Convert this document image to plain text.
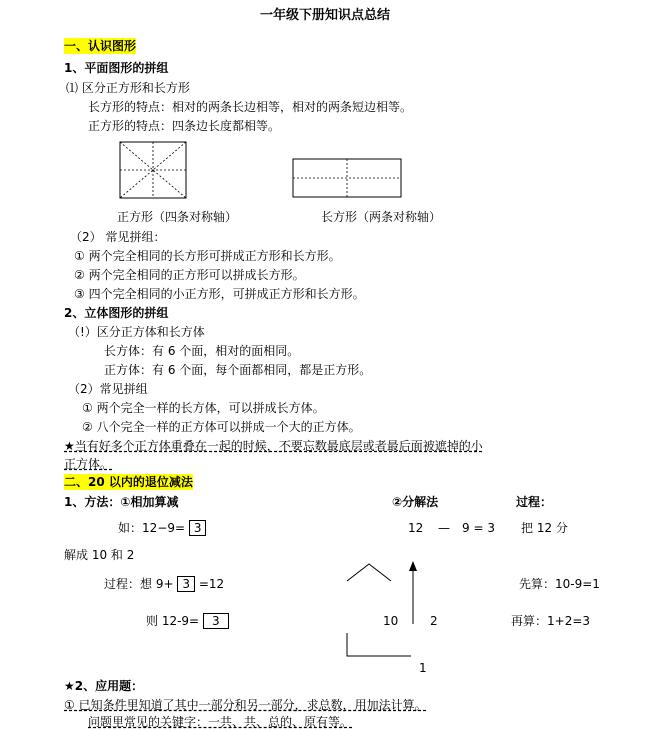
一年级下册知识点总结
一、认识图形
1、平面图形的拼组
⑴ 区分正方形和长方形
长方形的特点：相对的两条长边相等，相对的两条短边相等。
正方形的特点：四条边长度都相等。
正方形（四条对称轴）	长方形（两条对称轴）
（2） 常见拼组：
① 两个完全相同的长方形可拼成正方形和长方形。
② 两个完全相同的正方形可以拼成长方形。
③ 四个完全相同的小正方形，可拼成正方形和长方形。
2、立体图形的拼组
（!）区分正方体和长方体
长方体：有 6 个面，相对的面相同。
正方体：有 6 个面，每个面都相同，都是正方形。
（2）常见拼组
① 两个完全一样的长方体，可以拼成长方体。
② 八个完全一样的正方体可以拼成一个大的正方体。
★当有好多个正方体重叠在一起的时候，不要忘数最底层或者最后面被遮掉的小
正方体。
二、20 以内的退位减法
1、方法：①相加算减	②分解法	过程：
如：12−9= 3	12 — 9 = 3 把 12 分
解成 10 和 2
过程：想 9+ 3 =12	先算：10-9=1
则 12-9= 3	10	2	再算：1+2=3
1
★2、应用题：
① 已知条件里知道了其中一部分和另一部分，求总数，用加法计算。
问题里常见的关键字：一共、共、总的、原有等。
